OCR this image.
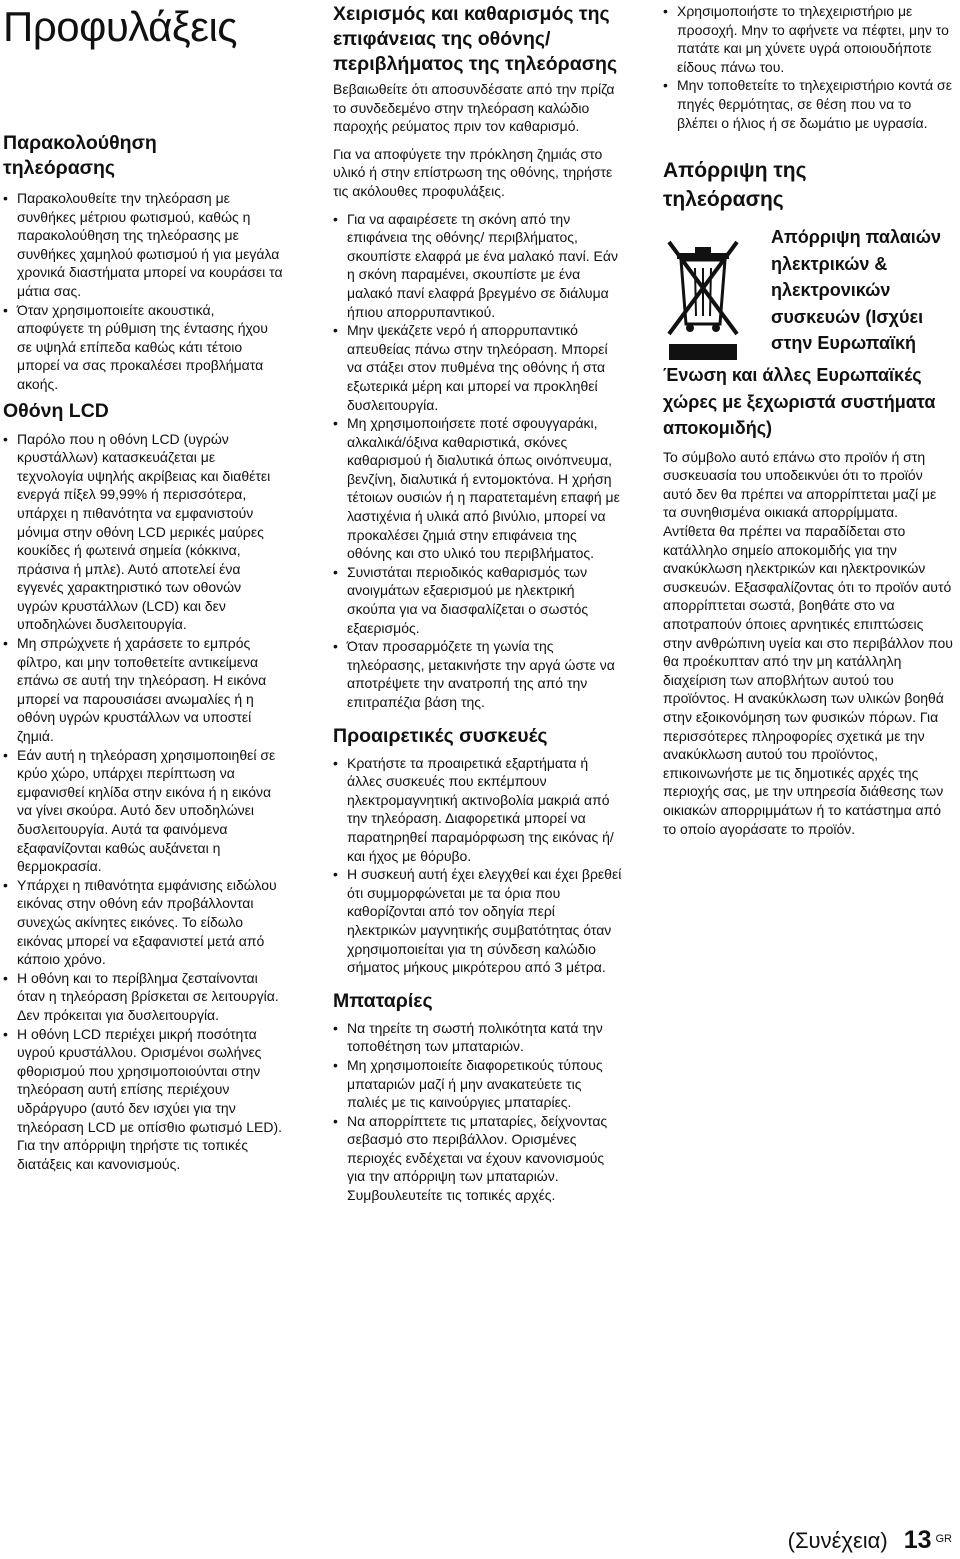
Προφυλάξεις
Παρακολούθηση τηλεόρασης
• Παρακολουθείτε την τηλεόραση με συνθήκες μέτριου φωτισμού, καθώς η παρακολούθηση της τηλεόρασης με συνθήκες χαμηλού φωτισμού ή για μεγάλα χρονικά διαστήματα μπορεί να κουράσει τα μάτια σας.
• Όταν χρησιμοποιείτε ακουστικά, αποφύγετε τη ρύθμιση της έντασης ήχου σε υψηλά επίπεδα καθώς κάτι τέτοιο μπορεί να σας προκαλέσει προβλήματα ακοής.
Οθόνη LCD
• Παρόλο που η οθόνη LCD (υγρών κρυστάλλων) κατασκευάζεται με τεχνολογία υψηλής ακρίβειας και διαθέτει ενεργά πίξελ 99,99% ή περισσότερα, υπάρχει η πιθανότητα να εμφανιστούν μόνιμα στην οθόνη LCD μερικές μαύρες κουκίδες ή φωτεινά σημεία (κόκκινα, πράσινα ή μπλε). Αυτό αποτελεί ένα εγγενές χαρακτηριστικό των οθονών υγρών κρυστάλλων (LCD) και δεν υποδηλώνει δυσλειτουργία.
• Μη σπρώχνετε ή χαράσετε το εμπρός φίλτρο, και μην τοποθετείτε αντικείμενα επάνω σε αυτή την τηλεόραση. Η εικόνα μπορεί να παρουσιάσει ανωμαλίες ή η οθόνη υγρών κρυστάλλων να υποστεί ζημιά.
• Εάν αυτή η τηλεόραση χρησιμοποιηθεί σε κρύο χώρο, υπάρχει περίπτωση να εμφανισθεί κηλίδα στην εικόνα ή η εικόνα να γίνει σκούρα. Αυτό δεν υποδηλώνει δυσλειτουργία. Αυτά τα φαινόμενα εξαφανίζονται καθώς αυξάνεται η θερμοκρασία.
• Υπάρχει η πιθανότητα εμφάνισης ειδώλου εικόνας στην οθόνη εάν προβάλλονται συνεχώς ακίνητες εικόνες. Το είδωλο εικόνας μπορεί να εξαφανιστεί μετά από κάποιο χρόνο.
• Η οθόνη και το περίβλημα ζεσταίνονται όταν η τηλεόραση βρίσκεται σε λειτουργία. Δεν πρόκειται για δυσλειτουργία.
• Η οθόνη LCD περιέχει μικρή ποσότητα υγρού κρυστάλλου. Ορισμένοι σωλήνες φθορισμού που χρησιμοποιούνται στην τηλεόραση αυτή επίσης περιέχουν υδράργυρο (αυτό δεν ισχύει για την τηλεόραση LCD με οπίσθιο φωτισμό LED). Για την απόρριψη τηρήστε τις τοπικές διατάξεις και κανονισμούς.
Χειρισμός και καθαρισμός της επιφάνειας της οθόνης/ περιβλήματος της τηλεόρασης

Βεβαιωθείτε ότι αποσυνδέσατε από την πρίζα το συνδεδεμένο στην τηλεόραση καλώδιο παροχής ρεύματος πριν τον καθαρισμό.

Για να αποφύγετε την πρόκληση ζημιάς στο υλικό ή στην επίστρωση της οθόνης, τηρήστε τις ακόλουθες προφυλάξεις.

• Για να αφαιρέσετε τη σκόνη από την επιφάνεια της οθόνης/ περιβλήματος, σκουπίστε ελαφρά με ένα μαλακό πανί. Εάν η σκόνη παραμένει, σκουπίστε με ένα μαλακό πανί ελαφρά βρεγμένο σε διάλυμα ήπιου απορρυπαντικού.
• Μην ψεκάζετε νερό ή απορρυπαντικό απευθείας πάνω στην τηλεόραση. Μπορεί να στάξει στον πυθμένα της οθόνης ή στα εξωτερικά μέρη και μπορεί να προκληθεί δυσλειτουργία.
• Μη χρησιμοποιήσετε ποτέ σφουγγαράκι, αλκαλικά/όξινα καθαριστικά, σκόνες καθαρισμού ή διαλυτικά όπως οινόπνευμα, βενζίνη, διαλυτικά ή εντομοκτόνα. Η χρήση τέτοιων ουσιών ή η παρατεταμένη επαφή με λαστιχένια ή υλικά από βινύλιο, μπορεί να προκαλέσει ζημιά στην επιφάνεια της οθόνης και στο υλικό του περιβλήματος.
• Συνιστάται περιοδικός καθαρισμός των ανοιγμάτων εξαερισμού με ηλεκτρική σκούπα για να διασφαλίζεται ο σωστός εξαερισμός.
• Όταν προσαρμόζετε τη γωνία της τηλεόρασης, μετακινήστε την αργά ώστε να αποτρέψετε την ανατροπή της από την επιτραπέζια βάση της.
Προαιρετικές συσκευές
• Κρατήστε τα προαιρετικά εξαρτήματα ή άλλες συσκευές που εκπέμπουν ηλεκτρομαγνητική ακτινοβολία μακριά από την τηλεόραση. Διαφορετικά μπορεί να παρατηρηθεί παραμόρφωση της εικόνας ή/και ήχος με θόρυβο.
• Η συσκευή αυτή έχει ελεγχθεί και έχει βρεθεί ότι συμμορφώνεται με τα όρια που καθορίζονται από τον οδηγία περί ηλεκτρικών μαγνητικής συμβατότητας όταν χρησιμοποιείται για τη σύνδεση καλώδιο σήματος μήκους μικρότερου από 3 μέτρα.
Μπαταρίες
• Να τηρείτε τη σωστή πολικότητα κατά την τοποθέτηση των μπαταριών.
• Μη χρησιμοποιείτε διαφορετικούς τύπους μπαταριών μαζί ή μην ανακατεύετε τις παλιές με τις καινούργιες μπαταρίες.
• Να απορρίπτετε τις μπαταρίες, δείχνοντας σεβασμό στο περιβάλλον. Ορισμένες περιοχές ενδέχεται να έχουν κανονισμούς για την απόρριψη των μπαταριών. Συμβουλευτείτε τις τοπικές αρχές.
• Χρησιμοποιήστε το τηλεχειριστήριο με προσοχή. Μην το αφήνετε να πέφτει, μην το πατάτε και μη χύνετε υγρά οποιουδήποτε είδους πάνω του.
• Μην τοποθετείτε το τηλεχειριστήριο κοντά σε πηγές θερμότητας, σε θέση που να το βλέπει ο ήλιος ή σε δωμάτιο με υγρασία.
Απόρριψη της τηλεόρασης
Απόρριψη παλαιών ηλεκτρικών & ηλεκτρονικών συσκευών (Ισχύει στην Ευρωπαϊκή
Ένωση και άλλες Ευρωπαϊκές χώρες με ξεχωριστά συστήματα αποκομιδής)

Το σύμβολο αυτό επάνω στο προϊόν ή στη συσκευασία του υποδεικνύει ότι το προϊόν αυτό δεν θα πρέπει να απορρίπτεται μαζί με τα συνηθισμένα οικιακά απορρίμματα. Αντίθετα θα πρέπει να παραδίδεται στο κατάλληλο σημείο αποκομιδής για την ανακύκλωση ηλεκτρικών και ηλεκτρονικών συσκευών. Εξασφαλίζοντας ότι το προϊόν αυτό απορρίπτεται σωστά, βοηθάτε στο να αποτραπούν όποιες αρνητικές επιπτώσεις στην ανθρώπινη υγεία και στο περιβάλλον που θα προέκυπταν από την μη κατάλληλη διαχείριση των αποβλήτων αυτού του προϊόντος. Η ανακύκλωση των υλικών βοηθά στην εξοικονόμηση των φυσικών πόρων. Για περισσότερες πληροφορίες σχετικά με την ανακύκλωση αυτού του προϊόντος, επικοινωνήστε με τις δημοτικές αρχές της περιοχής σας, με την υπηρεσία διάθεσης των οικιακών απορριμμάτων ή το κατάστημα από το οποίο αγοράσατε το προϊόν.

(Συνέχεια) 13 $^{GR}$
